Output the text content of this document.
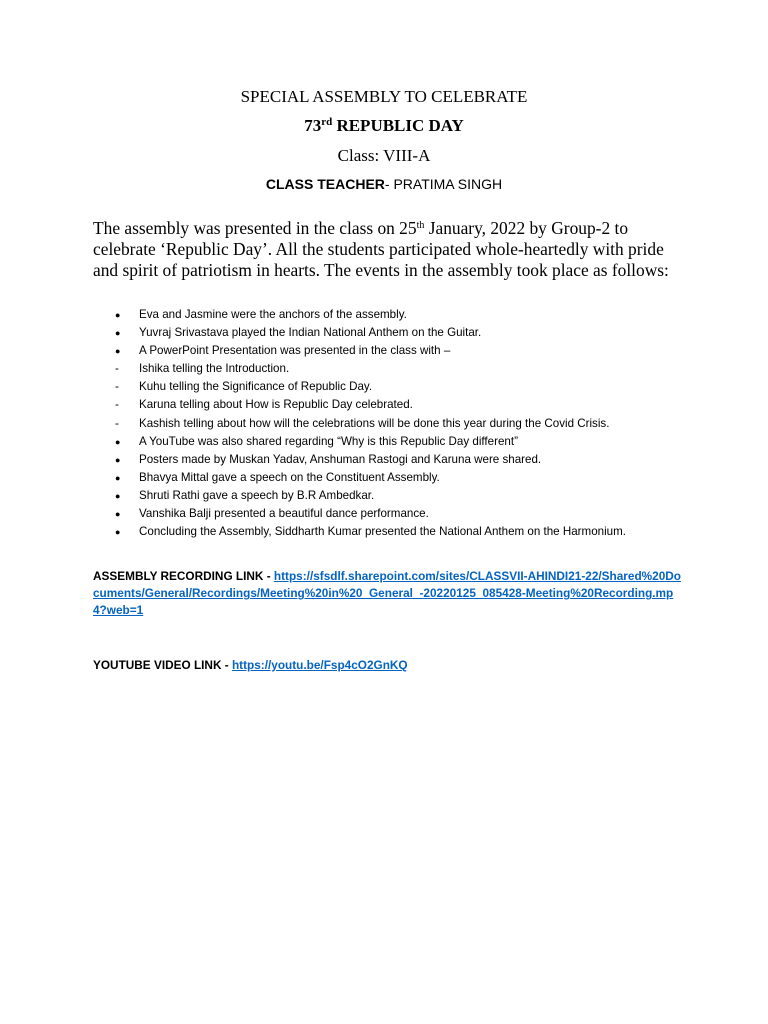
SPECIAL ASSEMBLY TO CELEBRATE
73rd REPUBLIC DAY
Class: VIII-A
CLASS TEACHER- PRATIMA SINGH

The assembly was presented in the class on 25th January, 2022 by Group-2 to celebrate ‘Republic Day’. All the students participated whole-heartedly with pride and spirit of patriotism in hearts. The events in the assembly took place as follows:

●	Eva and Jasmine were the anchors of the assembly.
●	Yuvraj Srivastava played the Indian National Anthem on the Guitar.
●	A PowerPoint Presentation was presented in the class with –
-	Ishika telling the Introduction.
-	Kuhu telling the Significance of Republic Day.
-	Karuna telling about How is Republic Day celebrated.
-	Kashish telling about how will the celebrations will be done this year during the Covid Crisis.
●	A YouTube was also shared regarding “Why is this Republic Day different”
●	Posters made by Muskan Yadav, Anshuman Rastogi and Karuna were shared.
●	Bhavya Mittal gave a speech on the Constituent Assembly.
●	Shruti Rathi gave a speech by B.R Ambedkar.
●	Vanshika Balji presented a beautiful dance performance.
●	Concluding the Assembly, Siddharth Kumar presented the National Anthem on the Harmonium.

ASSEMBLY RECORDING LINK - https://sfsdlf.sharepoint.com/sites/CLASSVII-AHINDI21-22/Shared%20Documents/General/Recordings/Meeting%20in%20_General_-20220125_085428-Meeting%20Recording.mp4?web=1

YOUTUBE VIDEO LINK - https://youtu.be/Fsp4cO2GnKQ
